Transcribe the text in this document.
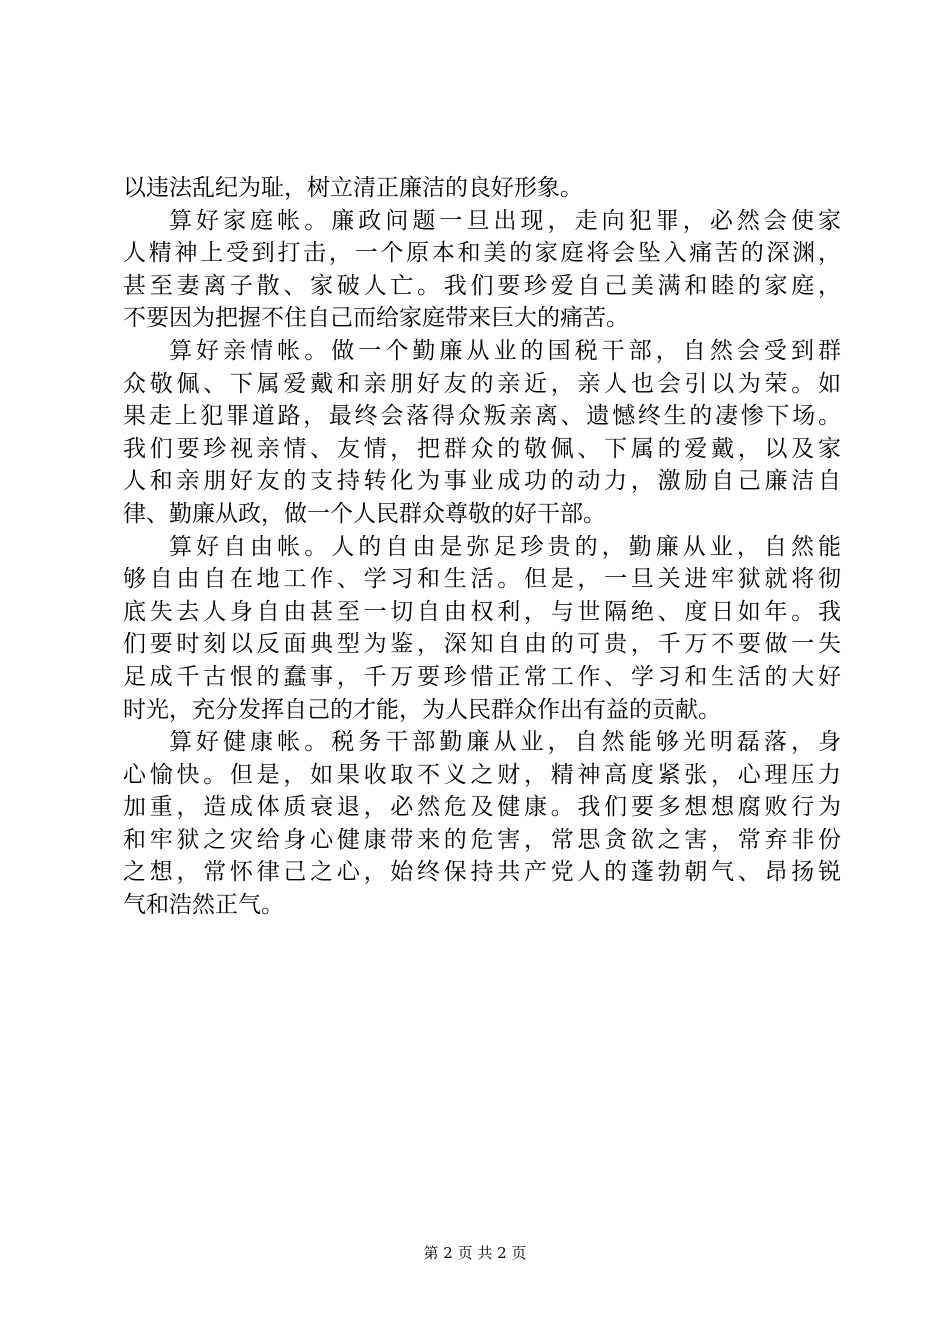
以违法乱纪为耻，树立清正廉洁的良好形象。
算好家庭帐。廉政问题一旦出现，走向犯罪，必然会使家
人精神上受到打击，一个原本和美的家庭将会坠入痛苦的深渊，
甚至妻离子散、家破人亡。我们要珍爱自己美满和睦的家庭，
不要因为把握不住自己而给家庭带来巨大的痛苦。
算好亲情帐。做一个勤廉从业的国税干部，自然会受到群
众敬佩、下属爱戴和亲朋好友的亲近，亲人也会引以为荣。如
果走上犯罪道路，最终会落得众叛亲离、遗憾终生的凄惨下场。
我们要珍视亲情、友情，把群众的敬佩、下属的爱戴，以及家
人和亲朋好友的支持转化为事业成功的动力，激励自己廉洁自
律、勤廉从政，做一个人民群众尊敬的好干部。
算好自由帐。人的自由是弥足珍贵的，勤廉从业，自然能
够自由自在地工作、学习和生活。但是，一旦关进牢狱就将彻
底失去人身自由甚至一切自由权利，与世隔绝、度日如年。我
们要时刻以反面典型为鉴，深知自由的可贵，千万不要做一失
足成千古恨的蠢事，千万要珍惜正常工作、学习和生活的大好
时光，充分发挥自己的才能，为人民群众作出有益的贡献。
算好健康帐。税务干部勤廉从业，自然能够光明磊落，身
心愉快。但是，如果收取不义之财，精神高度紧张，心理压力
加重，造成体质衰退，必然危及健康。我们要多想想腐败行为
和牢狱之灾给身心健康带来的危害，常思贪欲之害，常弃非份
之想，常怀律己之心，始终保持共产党人的蓬勃朝气、昂扬锐
气和浩然正气。
第 2 页 共 2 页
